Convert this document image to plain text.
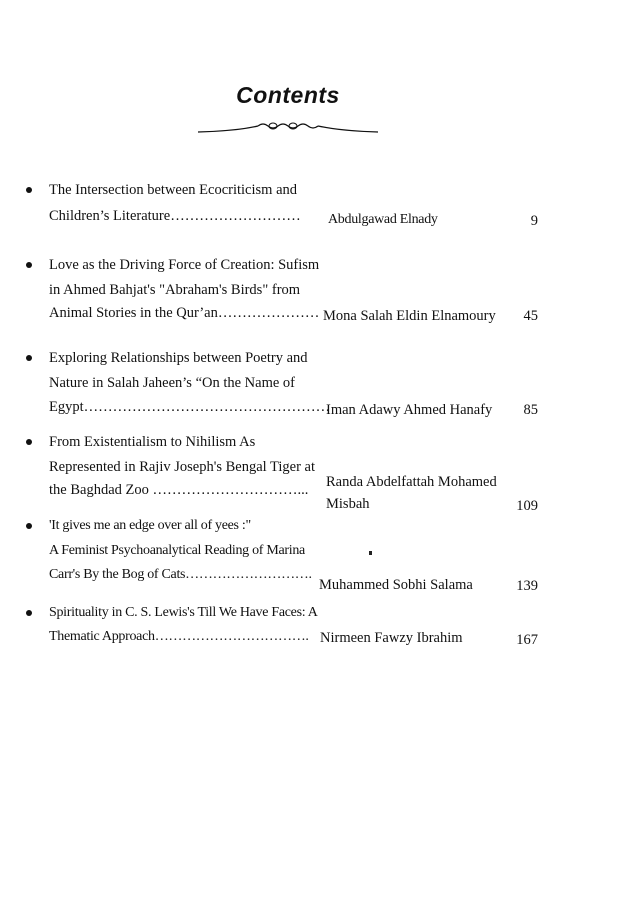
Contents
The Intersection between Ecocriticism and
Children’s Literature……………………… Abdulgawad Elnady	9
Love as the Driving Force of Creation: Sufism
in Ahmed Bahjat's "Abraham's Birds" from
Animal Stories in the Qur’an………………… Mona Salah Eldin Elnamoury 45
Exploring Relationships between Poetry and
Nature in Salah Jaheen’s “On the Name of
Egypt……………………………………………
Iman Adawy Ahmed Hanafy 85
From Existentialism to Nihilism As
Represented in Rajiv Joseph's Bengal Tiger at
the Baghdad Zoo …………………………... Randa Abdelfattah Mohamed
Misbah	109
'It gives me an edge over all of yees :"
A Feminist Psychoanalytical Reading of Marina
Carr's By the Bog of Cats……………………….
Muhammed Sobhi Salama	139
Spirituality in C. S. Lewis's Till We Have Faces: A
Thematic Approach……………………………. Nirmeen Fawzy Ibrahim	167
